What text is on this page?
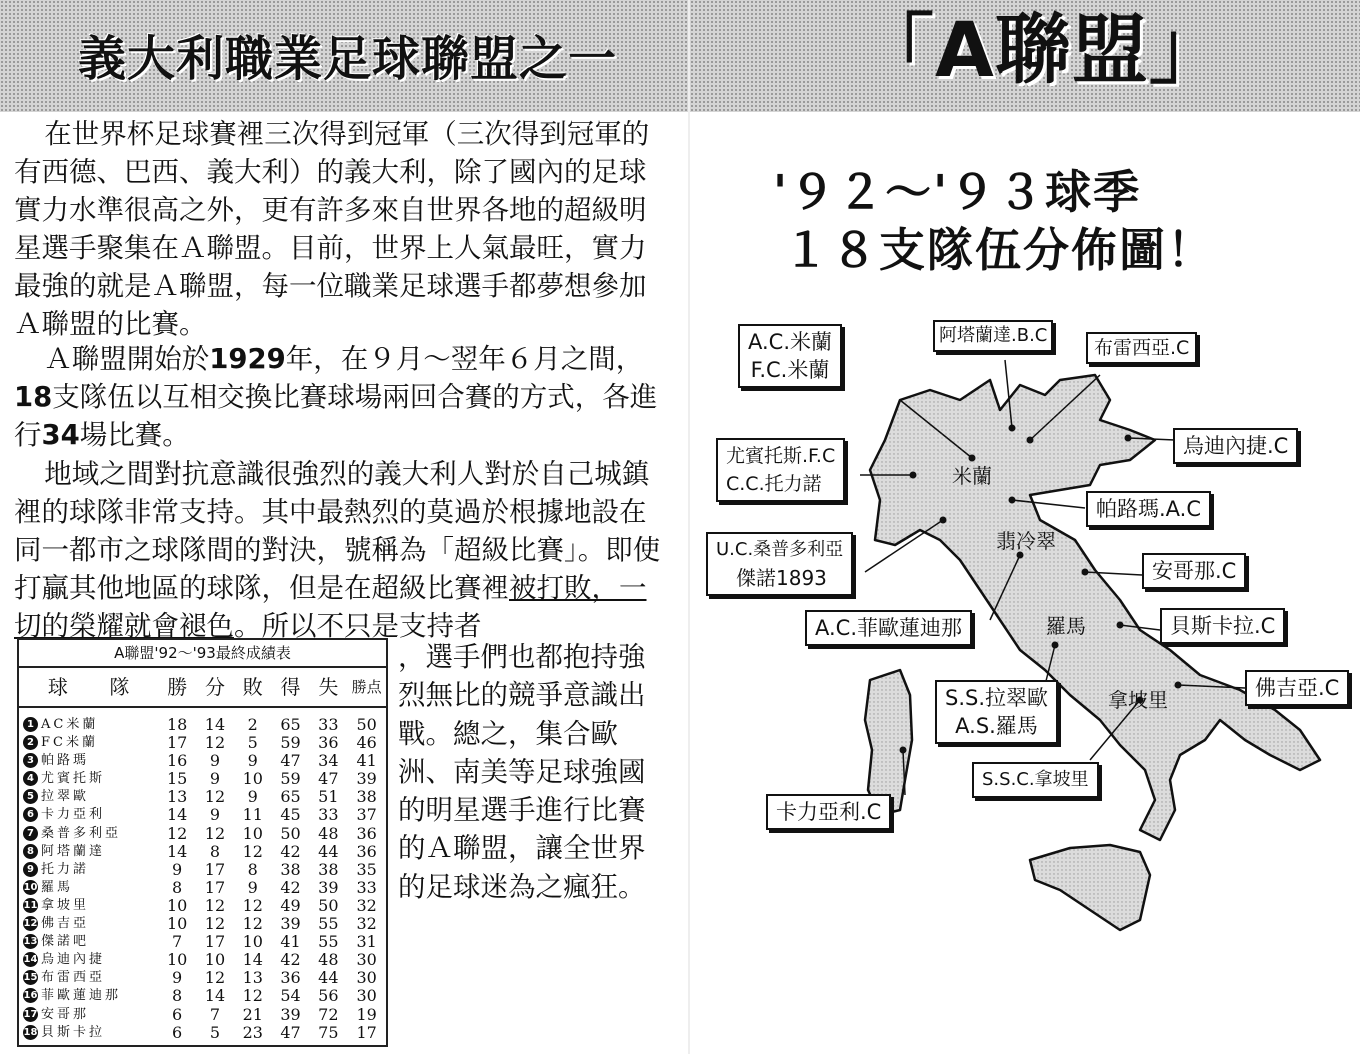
義大利職業足球聯盟之一	「A聯盟」

在世界杯足球賽裡三次得到冠軍（三次得到冠軍的有西德、巴西、義大利）的義大利，除了國內的足球實力水準很高之外，更有許多來自世界各地的超級明星選手聚集在Ａ聯盟。目前，世界上人氣最旺，實力最強的就是Ａ聯盟，每一位職業足球選手都夢想參加Ａ聯盟的比賽。

Ａ聯盟開始於1929年，在９月～翌年６月之間，18支隊伍以互相交換比賽球場兩回合賽的方式，各進行34場比賽。

地域之間對抗意識很強烈的義大利人對於自己城鎮裡的球隊非常支持。其中最熱烈的莫過於根據地設在同一都市之球隊間的對決，號稱為「超級比賽」。即使打贏其他地區的球隊，但是在超級比賽裡被打敗，一切的榮耀就會褪色。所以不只是支持者

，選手們也都抱持強烈無比的競爭意識出戰。總之，集合歐洲、南美等足球強國的明星選手進行比賽的Ａ聯盟，讓全世界的足球迷為之瘋狂。
A聯盟'92～'93最終成績表
球 隊	勝 分 敗 得 失 勝点
1 AC米蘭	18	14	2	65	33	50
2 FC米蘭	17	12	5	59	36	46
3 帕路瑪	16	9	9	47	34	41
4 尤賓托斯	15	9	10	59	47	39
5 拉翠歐	13	12	9	65	51	38
6 卡力亞利	14	9	11	45	33	37
7 桑普多利亞	12	12	10	50	48	36
8 阿塔蘭達	14	8	12	42	44	36
9 托力諾	9	17	8	38	38	35
10 羅馬	8	17	9	42	39	33
11 拿坡里	10	12	12	49	50	32
12 佛吉亞	10	12	12	39	55	32
13 傑諾吧	7	17	10	41	55	31
14 烏迪內捷	10	10	14	42	48	30
15 布雷西亞	9	12	13	36	44	30
16 菲歐蓮迪那	8	14	12	54	56	30
17 安哥那	6	7	21	39	72	19
18 貝斯卡拉	6	5	23	47	75	17
'９２～'９３球季
１８支隊伍分佈圖！
米蘭
翡冷翠
羅馬
拿坡里
A.C.米蘭
F.C.米蘭
阿塔蘭達.B.C
布雷西亞.C
烏迪內捷.C
尤賓托斯.F.C
C.C.托力諾
帕路瑪.A.C
U.C.桑普多利亞
傑諾1893	安哥那.C
A.C.菲歐蓮迪那	貝斯卡拉.C
S.S.拉翠歐
A.S.羅馬
佛吉亞.C
S.S.C.拿坡里
卡力亞利.C
